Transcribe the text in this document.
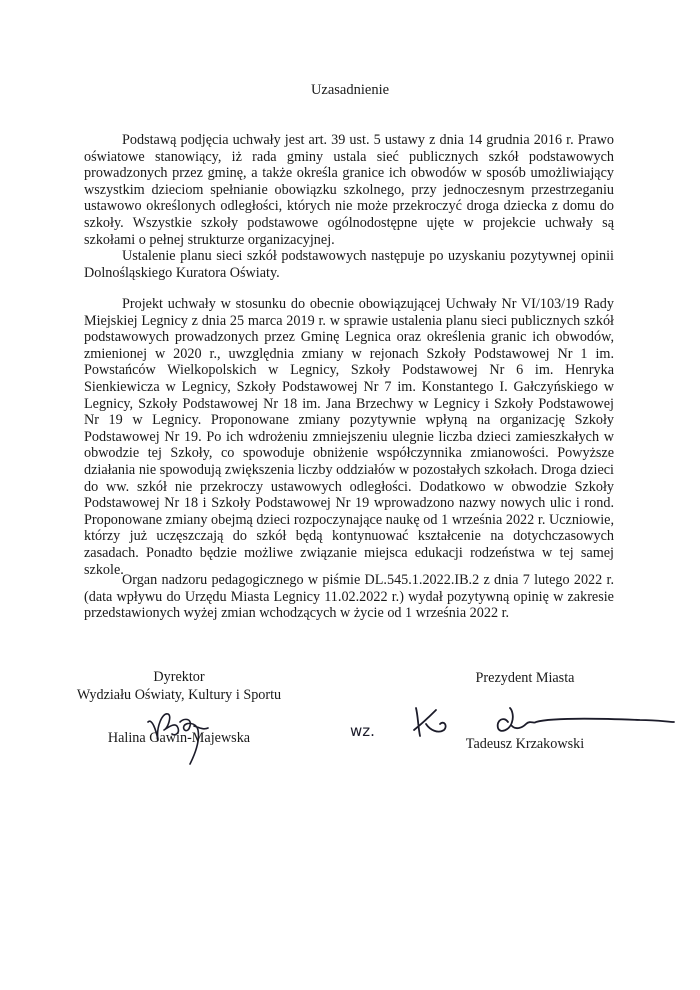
Uzasadnienie

Podstawą podjęcia uchwały jest art. 39 ust. 5 ustawy z dnia 14 grudnia 2016 r. Prawo oświatowe stanowiący, iż rada gminy ustala sieć publicznych szkół podstawowych prowadzonych przez gminę, a także określa granice ich obwodów w sposób umożliwiający wszystkim dzieciom spełnianie obowiązku szkolnego, przy jednoczesnym przestrzeganiu ustawowo określonych odległości, których nie może przekroczyć droga dziecka z domu do szkoły. Wszystkie szkoły podstawowe ogólnodostępne ujęte w projekcie uchwały są szkołami o pełnej strukturze organizacyjnej.

Ustalenie planu sieci szkół podstawowych następuje po uzyskaniu pozytywnej opinii Dolnośląskiego Kuratora Oświaty.

Projekt uchwały w stosunku do obecnie obowiązującej Uchwały Nr VI/103/19 Rady Miejskiej Legnicy z dnia 25 marca 2019 r. w sprawie ustalenia planu sieci publicznych szkół podstawowych prowadzonych przez Gminę Legnica oraz określenia granic ich obwodów, zmienionej w 2020 r., uwzględnia zmiany w rejonach Szkoły Podstawowej Nr 1 im. Powstańców Wielkopolskich w Legnicy, Szkoły Podstawowej Nr 6 im. Henryka Sienkiewicza w Legnicy, Szkoły Podstawowej Nr 7 im. Konstantego I. Gałczyńskiego w Legnicy, Szkoły Podstawowej Nr 18 im. Jana Brzechwy w Legnicy i Szkoły Podstawowej Nr 19 w Legnicy. Proponowane zmiany pozytywnie wpłyną na organizację Szkoły Podstawowej Nr 19. Po ich wdrożeniu zmniejszeniu ulegnie liczba dzieci zamieszkałych w obwodzie tej Szkoły, co spowoduje obniżenie współczynnika zmianowości. Powyższe działania nie spowodują zwiększenia liczby oddziałów w pozostałych szkołach. Droga dzieci do ww. szkół nie przekroczy ustawowych odległości. Dodatkowo w obwodzie Szkoły Podstawowej Nr 18 i Szkoły Podstawowej Nr 19 wprowadzono nazwy nowych ulic i rond. Proponowane zmiany obejmą dzieci rozpoczynające naukę od 1 września 2022 r. Uczniowie, którzy już uczęszczają do szkół będą kontynuować kształcenie na dotychczasowych zasadach. Ponadto będzie możliwe związanie miejsca edukacji rodzeństwa w tej samej szkole.

Organ nadzoru pedagogicznego w piśmie DL.545.1.2022.IB.2 z dnia 7 lutego 2022 r. (data wpływu do Urzędu Miasta Legnicy 11.02.2022 r.) wydał pozytywną opinię w zakresie przedstawionych wyżej zmian wchodzących w życie od 1 września 2022 r.

Dyrektor
Wydziału Oświaty, Kultury i Sportu
Halina Gawin-Majewska
Prezydent Miasta
wz.
Tadeusz Krzakowski
